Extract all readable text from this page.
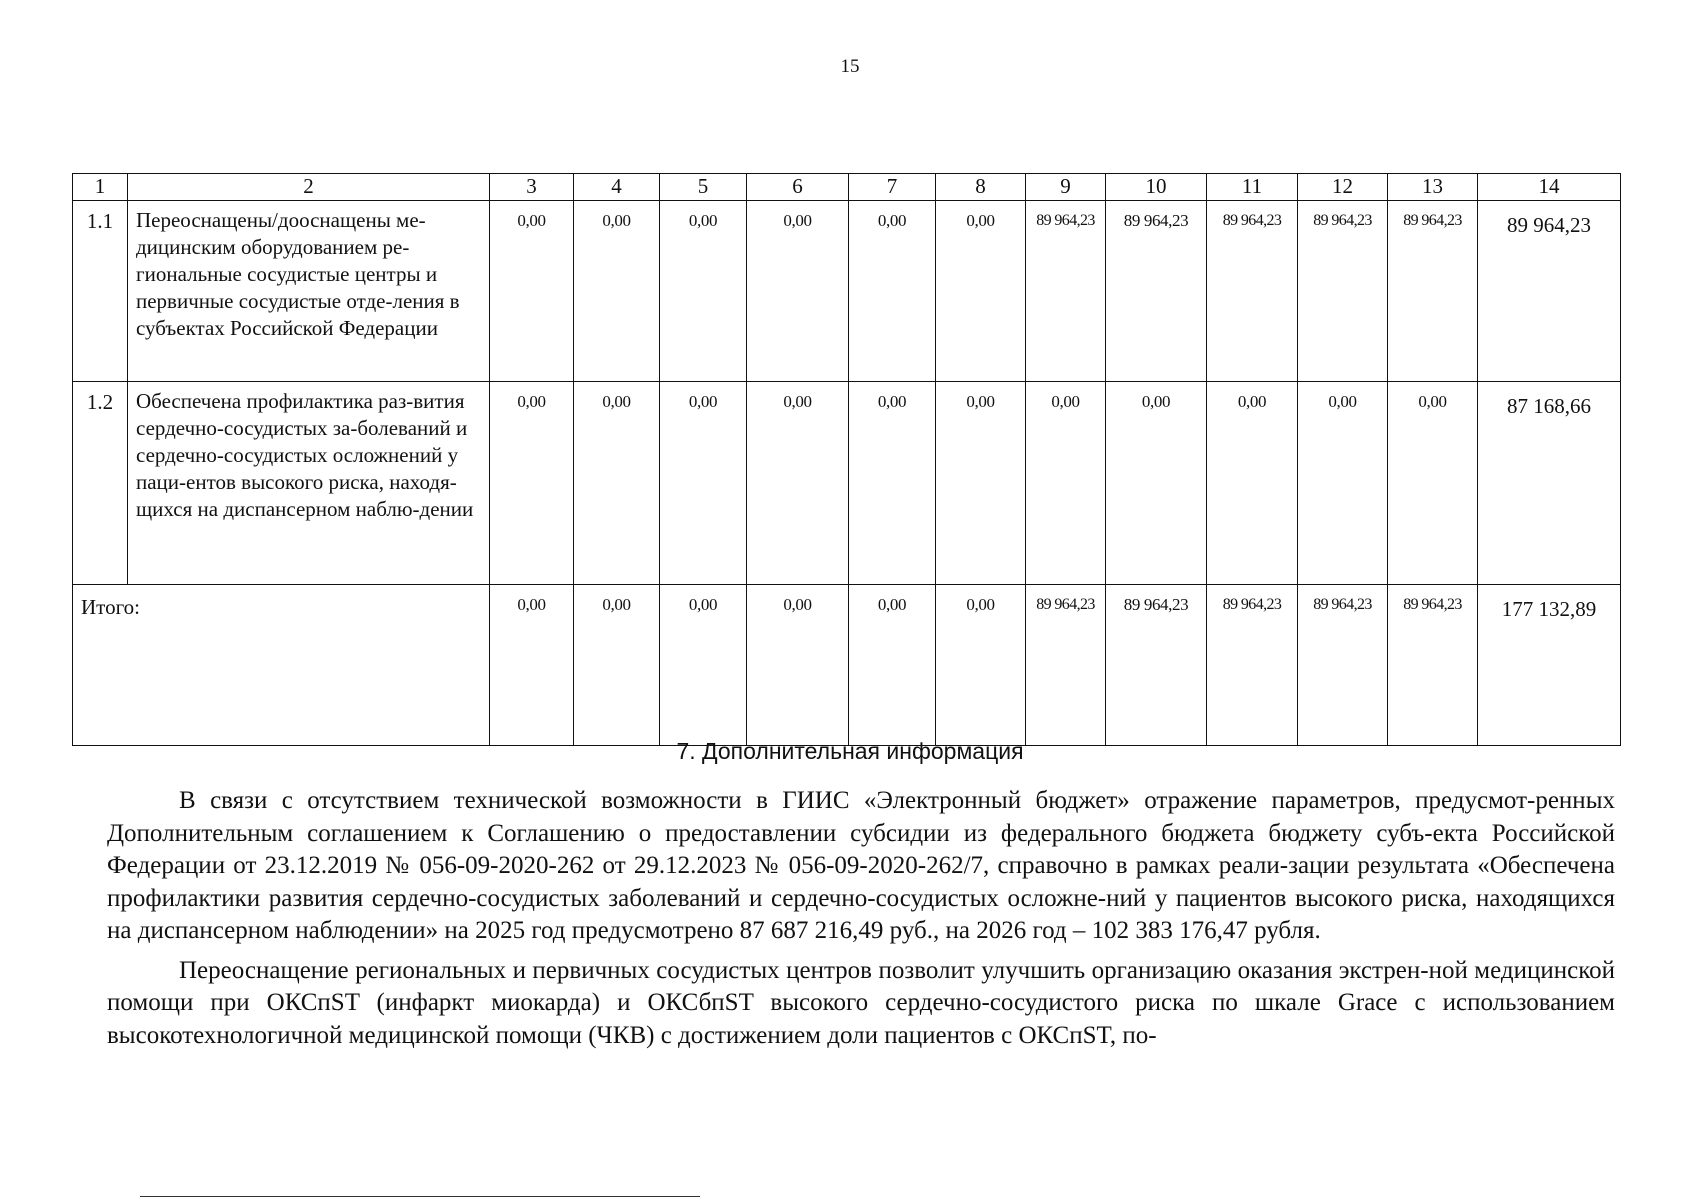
15
1	2	3	4	5	6	7	8	9	10	11	12	13	14
1.1	Переоснащены/дооснащены ме-дицинским оборудованием ре-гиональные сосудистые центры и первичные сосудистые отде-ления в субъектах Российской Федерации	0,00	0,00	0,00	0,00	0,00	0,00	89 964,23	89 964,23	89 964,23	89 964,23	89 964,23	89 964,23
1.2	Обеспечена профилактика раз-вития сердечно-сосудистых за-болеваний и сердечно-сосудистых осложнений у паци-ентов высокого риска, находя-щихся на диспансерном наблю-дении	0,00	0,00	0,00	0,00	0,00	0,00	0,00	0,00	0,00	0,00	0,00	87 168,66
Итого:		0,00	0,00	0,00	0,00	0,00	0,00	89 964,23	89 964,23	89 964,23	89 964,23	89 964,23	177 132,89
7. Дополнительная информация

В связи с отсутствием технической возможности в ГИИС «Электронный бюджет» отражение параметров, предусмот-ренных Дополнительным соглашением к Соглашению о предоставлении субсидии из федерального бюджета бюджету субъ-екта Российской Федерации от 23.12.2019 № 056-09-2020-262 от 29.12.2023 № 056-09-2020-262/7, справочно в рамках реали-зации результата «Обеспечена профилактики развития сердечно-сосудистых заболеваний и сердечно-сосудистых осложне-ний у пациентов высокого риска, находящихся на диспансерном наблюдении» на 2025 год предусмотрено 87 687 216,49 руб., на 2026 год – 102 383 176,47 рубля.

Переоснащение региональных и первичных сосудистых центров позволит улучшить организацию оказания экстрен-ной медицинской помощи при ОКСпST (инфаркт миокарда) и ОКСбпST высокого сердечно-сосудистого риска по шкале Grace с использованием высокотехнологичной медицинской помощи (ЧКВ) с достижением доли пациентов с ОКСпST, по-
